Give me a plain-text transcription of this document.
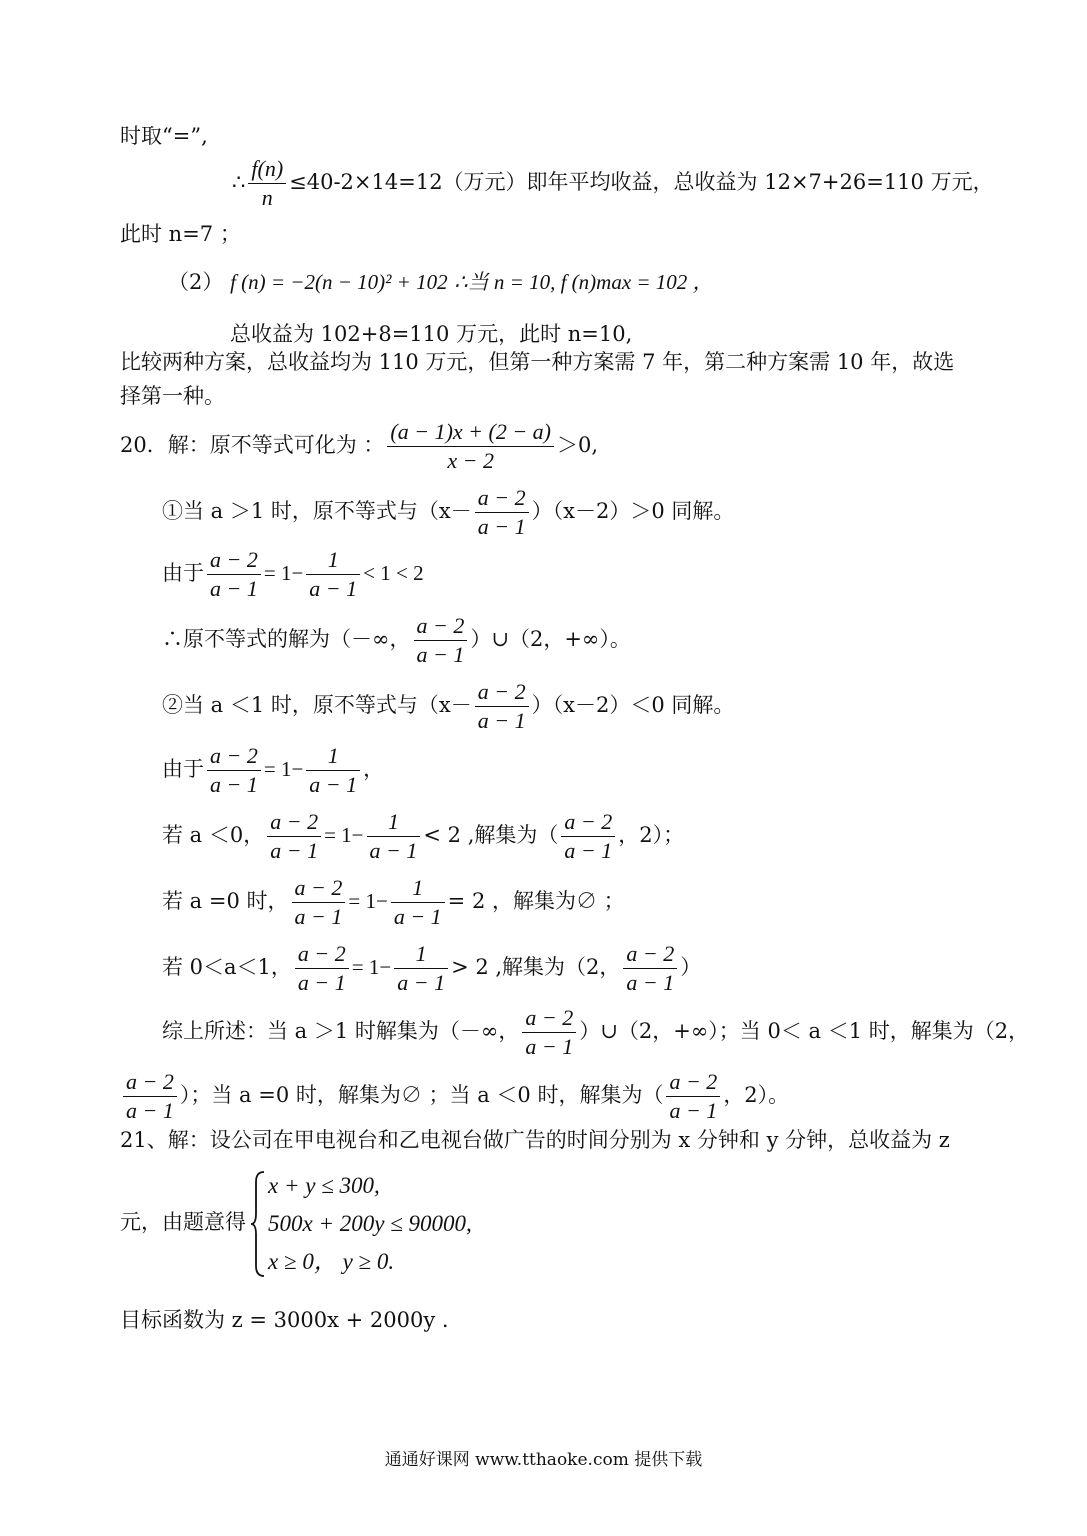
时取“=”,
∴ $\frac{f(n)}{n} \le 40-2\times 14=12$（万元）即年平均收益，总收益为 12×7+26=110 万元，
此时 n=7 ；
（2） f (n) = −2(n − 10)² + 102 ∴当 n = 10, f (n)max = 102 ，
总收益为 102+8=110 万元，此时 n=10,
比较两种方案，总收益均为 110 万元，但第一种方案需 7 年，第二种方案需 10 年，故选
择第一种。
20．解：原不等式可化为 ： $\frac{(a - 1)x + (2 - a)}{x - 2} >0$,
①当 a ＞1 时，原不等式与$(x- \frac{a - 2}{a - 1} )(x-2)>0$ 同解。
由于 $\frac{a - 2}{a - 1} = 1- \frac{1}{a - 1} < 1 < 2$
∴原不等式的解为（－∞， $\frac{a - 2}{a - 1}$ ）∪（2，+∞）。
②当 a ＜1 时，原不等式与$(x- \frac{a - 2}{a - 1} )(x-2)<0$ 同解。
由于 $\frac{a - 2}{a - 1} = 1- \frac{1}{a - 1}$ ，
若 a ＜0， $\frac{a - 2}{a - 1} = 1- \frac{1}{a - 1} < 2$ ,解集为（ $\frac{a - 2}{a - 1}$ ，2）；
若 a =0 时， $\frac{a - 2}{a - 1} = 1- \frac{1}{a - 1} = 2$ ，解集为∅ ；
若 0＜a＜1， $\frac{a - 2}{a - 1} = 1- \frac{1}{a - 1} > 2$ ,解集为（2， $\frac{a - 2}{a - 1}$ ）
综上所述：当 a ＞1 时解集为（－∞， $\frac{a - 2}{a - 1}$ ）∪（2，+∞）；当 0＜ a ＜1 时，解集为（2，
$\frac{a - 2}{a - 1}$ ）；当 a =0 时，解集为∅ ；当 a ＜0 时，解集为（ $\frac{a - 2}{a - 1}$ ，2）。
21、解：设公司在甲电视台和乙电视台做广告的时间分别为 x 分钟和 y 分钟，总收益为 z
元，由题意得
x + y ≤ 300,
500x + 200y ≤ 90000,
x ≥ 0， y ≥ 0.
目标函数为 z = 3000x + 2000y .
通通好课网 www.tthaoke.com 提供下载
